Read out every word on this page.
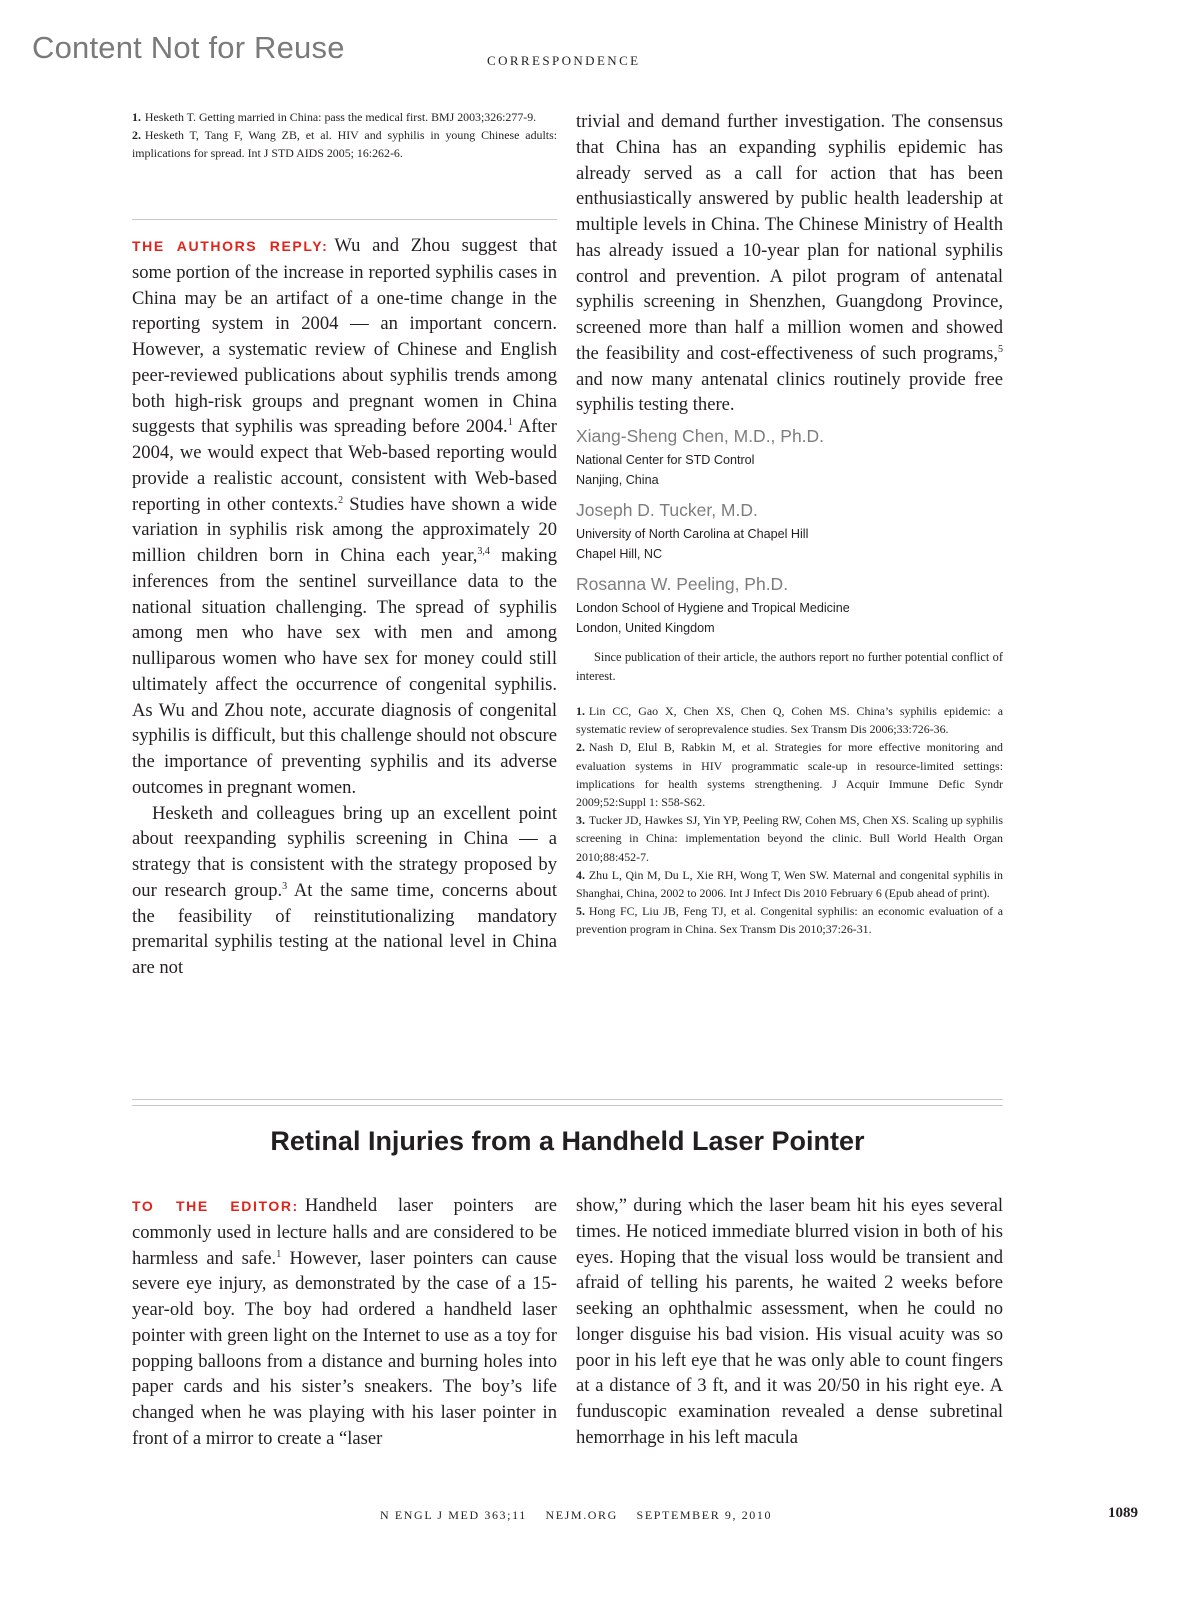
Content Not for Reuse	CORRESPONDENCE

1. Hesketh T. Getting married in China: pass the medical first. BMJ 2003;326:277-9.

2. Hesketh T, Tang F, Wang ZB, et al. HIV and syphilis in young Chinese adults: implications for spread. Int J STD AIDS 2005; 16:262-6.

THE AUTHORS REPLY: Wu and Zhou suggest that some portion of the increase in reported syphilis cases in China may be an artifact of a one-time change in the reporting system in 2004 — an important concern. However, a systematic review of Chinese and English peer-reviewed publications about syphilis trends among both high-risk groups and pregnant women in China suggests that syphilis was spreading before 2004.$^1$ After 2004, we would expect that Web-based reporting would provide a realistic account, consistent with Web-based reporting in other contexts.$^2$ Studies have shown a wide variation in syphilis risk among the approximately 20 million children born in China each year,$^{3,4}$ making inferences from the sentinel surveillance data to the national situation challenging. The spread of syphilis among men who have sex with men and among nulliparous women who have sex for money could still ultimately affect the occurrence of congenital syphilis. As Wu and Zhou note, accurate diagnosis of congenital syphilis is difficult, but this challenge should not obscure the importance of preventing syphilis and its adverse outcomes in pregnant women.

Hesketh and colleagues bring up an excellent point about reexpanding syphilis screening in China — a strategy that is consistent with the strategy proposed by our research group.$^3$ At the same time, concerns about the feasibility of reinstitutionalizing mandatory premarital syphilis testing at the national level in China are not

trivial and demand further investigation. The consensus that China has an expanding syphilis epidemic has already served as a call for action that has been enthusiastically answered by public health leadership at multiple levels in China. The Chinese Ministry of Health has already issued a 10-year plan for national syphilis control and prevention. A pilot program of antenatal syphilis screening in Shenzhen, Guangdong Province, screened more than half a million women and showed the feasibility and cost-effectiveness of such programs,$^5$ and now many antenatal clinics routinely provide free syphilis testing there.

Xiang-Sheng Chen, M.D., Ph.D.

National Center for STD Control

Nanjing, China

Joseph D. Tucker, M.D.

University of North Carolina at Chapel Hill

Chapel Hill, NC

Rosanna W. Peeling, Ph.D.

London School of Hygiene and Tropical Medicine

London, United Kingdom

Since publication of their article, the authors report no further potential conflict of interest.

1. Lin CC, Gao X, Chen XS, Chen Q, Cohen MS. China’s syphilis epidemic: a systematic review of seroprevalence studies. Sex Transm Dis 2006;33:726-36.

2. Nash D, Elul B, Rabkin M, et al. Strategies for more effective monitoring and evaluation systems in HIV programmatic scale-up in resource-limited settings: implications for health systems strengthening. J Acquir Immune Defic Syndr 2009;52:Suppl 1: S58-S62.

3. Tucker JD, Hawkes SJ, Yin YP, Peeling RW, Cohen MS, Chen XS. Scaling up syphilis screening in China: implementation beyond the clinic. Bull World Health Organ 2010;88:452-7.

4. Zhu L, Qin M, Du L, Xie RH, Wong T, Wen SW. Maternal and congenital syphilis in Shanghai, China, 2002 to 2006. Int J Infect Dis 2010 February 6 (Epub ahead of print).

5. Hong FC, Liu JB, Feng TJ, et al. Congenital syphilis: an economic evaluation of a prevention program in China. Sex Transm Dis 2010;37:26-31.

Retinal Injuries from a Handheld Laser Pointer

TO THE EDITOR: Handheld laser pointers are commonly used in lecture halls and are considered to be harmless and safe.$^1$ However, laser pointers can cause severe eye injury, as demonstrated by the case of a 15-year-old boy. The boy had ordered a handheld laser pointer with green light on the Internet to use as a toy for popping balloons from a distance and burning holes into paper cards and his sister’s sneakers. The boy’s life changed when he was playing with his laser pointer in front of a mirror to create a “laser

show,” during which the laser beam hit his eyes several times. He noticed immediate blurred vision in both of his eyes. Hoping that the visual loss would be transient and afraid of telling his parents, he waited 2 weeks before seeking an ophthalmic assessment, when he could no longer disguise his bad vision. His visual acuity was so poor in his left eye that he was only able to count fingers at a distance of 3 ft, and it was 20/50 in his right eye. A funduscopic examination revealed a dense subretinal hemorrhage in his left macula

N ENGL J MED 363;11 NEJM.ORG SEPTEMBER 9, 2010	1089
